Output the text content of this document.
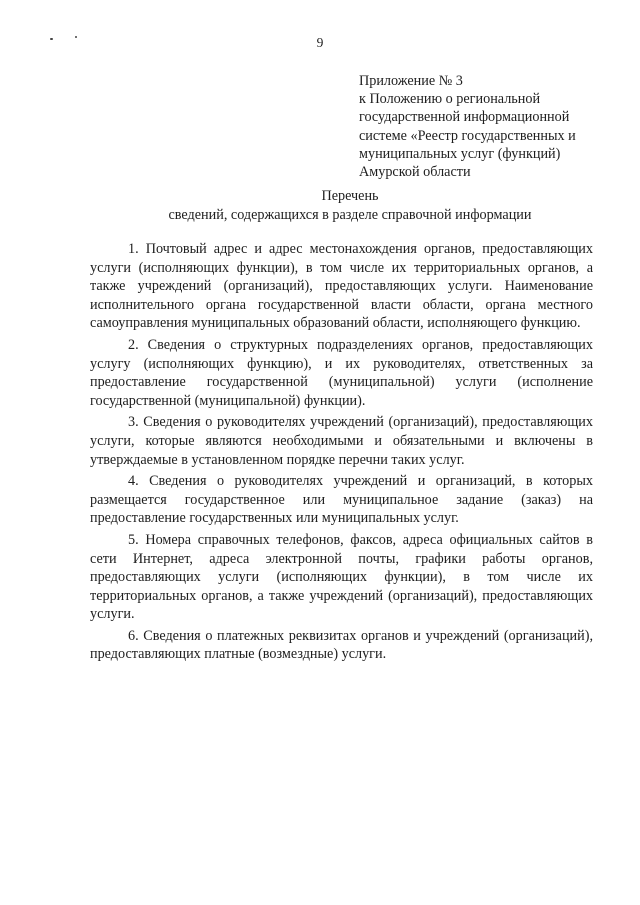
9
Приложение № 3
к Положению о региональной
государственной информационной
системе «Реестр государственных и
муниципальных услуг (функций)
Амурской области
Перечень
сведений, содержащихся в разделе справочной информации

1. Почтовый адрес и адрес местонахождения органов, предоставляющих услуги (исполняющих функции), в том числе их территориальных органов, а также учреждений (организаций), предоставляющих услуги. Наименование исполнительного органа государственной власти области, органа местного самоуправления муниципальных образований области, исполняющего функцию.

2. Сведения о структурных подразделениях органов, предоставляющих услугу (исполняющих функцию), и их руководителях, ответственных за предоставление государственной (муниципальной) услуги (исполнение государственной (муниципальной) функции).

3. Сведения о руководителях учреждений (организаций), предоставляющих услуги, которые являются необходимыми и обязательными и включены в утверждаемые в установленном порядке перечни таких услуг.

4. Сведения о руководителях учреждений и организаций, в которых размещается государственное или муниципальное задание (заказ) на предоставление государственных или муниципальных услуг.

5. Номера справочных телефонов, факсов, адреса официальных сайтов в сети Интернет, адреса электронной почты, графики работы органов, предоставляющих услуги (исполняющих функции), в том числе их территориальных органов, а также учреждений (организаций), предоставляющих услуги.

6. Сведения о платежных реквизитах органов и учреждений (организаций), предоставляющих платные (возмездные) услуги.
